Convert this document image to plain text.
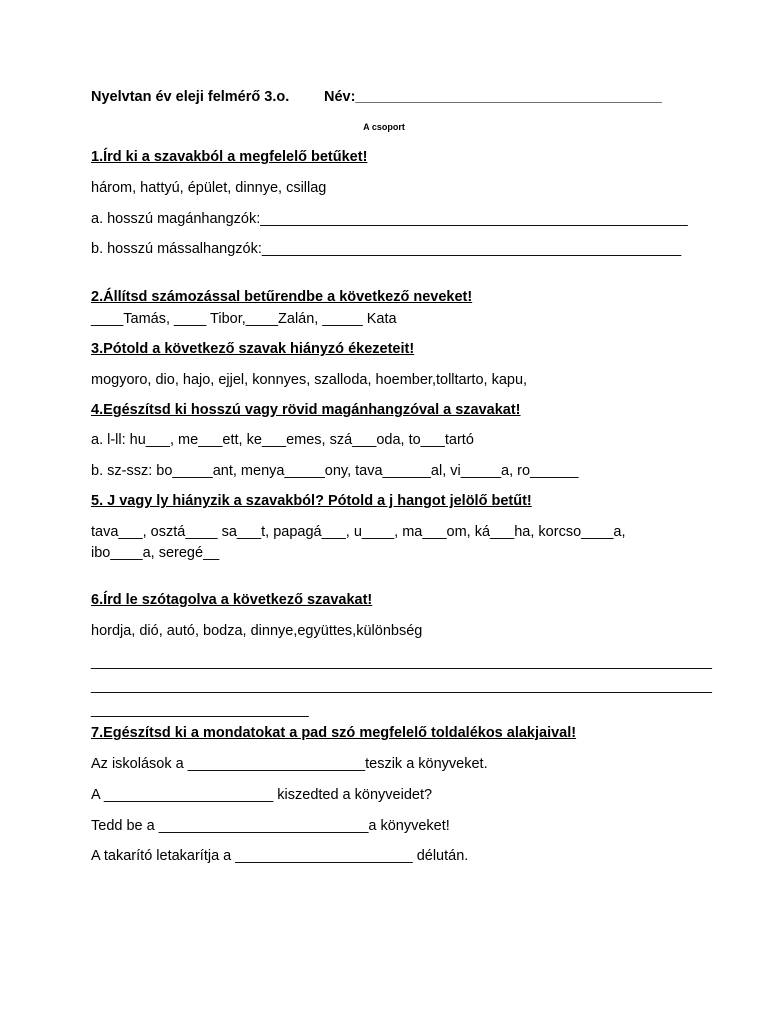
Nyelvtan év eleji felmérő 3.o. Név:______________________________________
A csoport
1.Írd ki a szavakból a megfelelő betűket!
három, hattyú, épület, dinnye, csillag
a. hosszú magánhangzók:_____________________________________________________
b. hosszú mássalhangzók:____________________________________________________
2.Állítsd számozással betűrendbe a következő neveket!
____Tamás, ____ Tibor,____Zalán, _____ Kata
3.Pótold a következő szavak hiányzó ékezeteit!
mogyoro, dio, hajo, ejjel, konnyes, szalloda, hoember,tolltarto, kapu,
4.Egészítsd ki hosszú vagy rövid magánhangzóval a szavakat!
a. l-ll: hu___, me___ett, ke___emes, szá___oda, to___tartó
b. sz-ssz: bo_____ant, menya_____ony, tava______al, vi_____a, ro______
5. J vagy ly hiányzik a szavakból? Pótold a j hangot jelölő betűt!
tava___, osztá____ sa___t, papagá___, u____, ma___om, ká___ha, korcso____a,
ibo____a, seregé__
6.Írd le szótagolva a következő szavakat!
hordja, dió, autó, bodza, dinnye,együttes,különbség
_____________________________________________________________________________
_____________________________________________________________________________
___________________________
7.Egészítsd ki a mondatokat a pad szó megfelelő toldalékos alakjaival!
Az iskolások a ______________________teszik a könyveket.
A _____________________ kiszedted a könyveidet?
Tedd be a __________________________a könyveket!
A takarító letakarítja a ______________________ délután.
